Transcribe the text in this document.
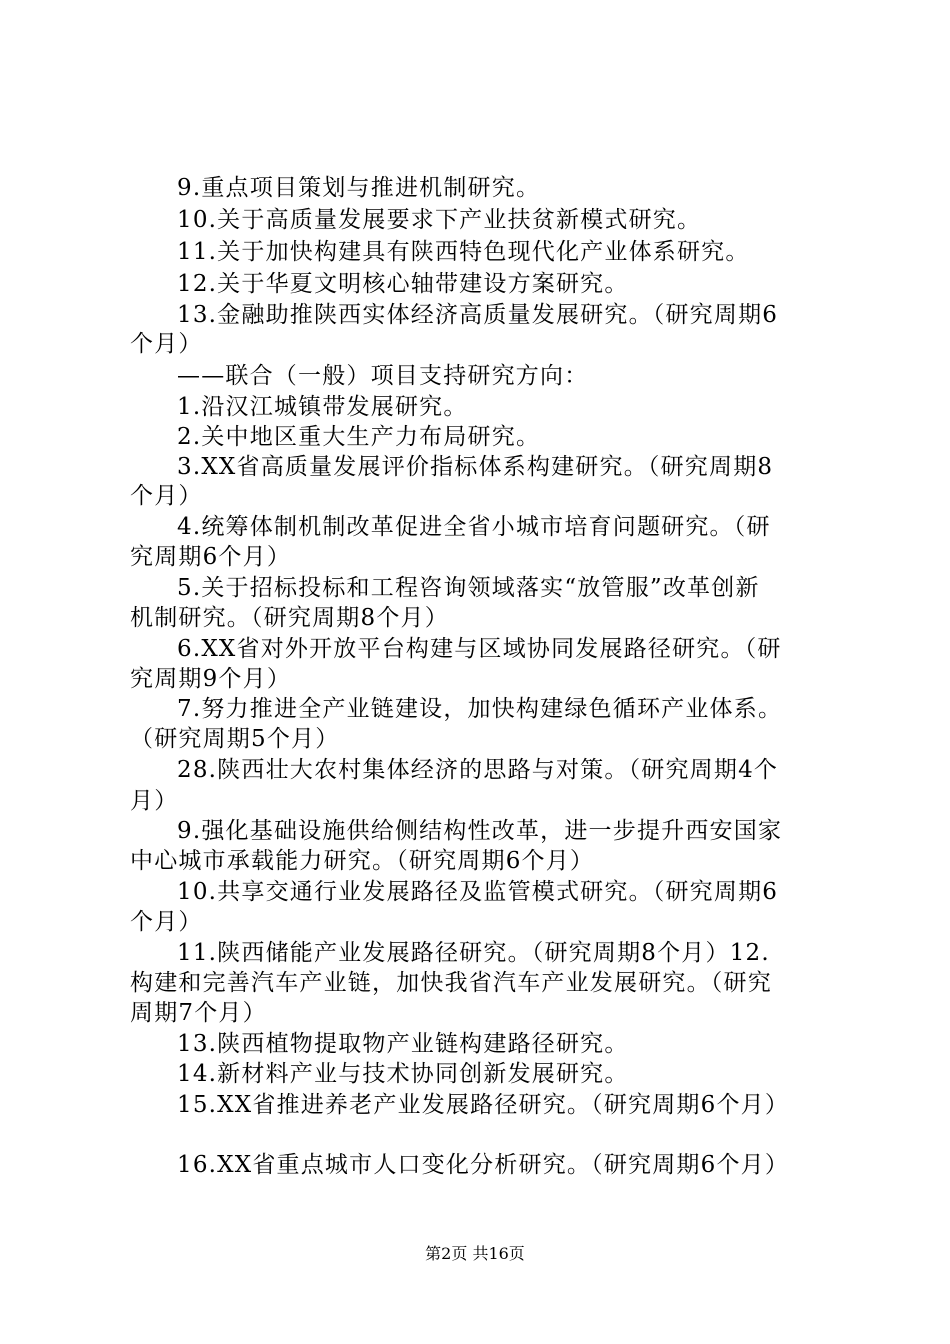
9.重点项目策划与推进机制研究。
10.关于高质量发展要求下产业扶贫新模式研究。
11.关于加快构建具有陕西特色现代化产业体系研究。
12.关于华夏文明核心轴带建设方案研究。
13.金融助推陕西实体经济高质量发展研究。（研究周期6
个月）
——联合（一般）项目支持研究方向：
1.沿汉江城镇带发展研究。
2.关中地区重大生产力布局研究。
3.XX省高质量发展评价指标体系构建研究。（研究周期8
个月）
4.统筹体制机制改革促进全省小城市培育问题研究。（研
究周期6个月）
5.关于招标投标和工程咨询领域落实“放管服”改革创新
机制研究。（研究周期8个月）
6.XX省对外开放平台构建与区域协同发展路径研究。（研
究周期9个月）
7.努力推进全产业链建设，加快构建绿色循环产业体系。
（研究周期5个月）
28.陕西壮大农村集体经济的思路与对策。（研究周期4个
月）
9.强化基础设施供给侧结构性改革，进一步提升西安国家
中心城市承载能力研究。（研究周期6个月）
10.共享交通行业发展路径及监管模式研究。（研究周期6
个月）
11.陕西储能产业发展路径研究。（研究周期8个月）12.
构建和完善汽车产业链，加快我省汽车产业发展研究。（研究
周期7个月）
13.陕西植物提取物产业链构建路径研究。
14.新材料产业与技术协同创新发展研究。
15.XX省推进养老产业发展路径研究。（研究周期6个月）
16.XX省重点城市人口变化分析研究。（研究周期6个月）
第2页 共16页
